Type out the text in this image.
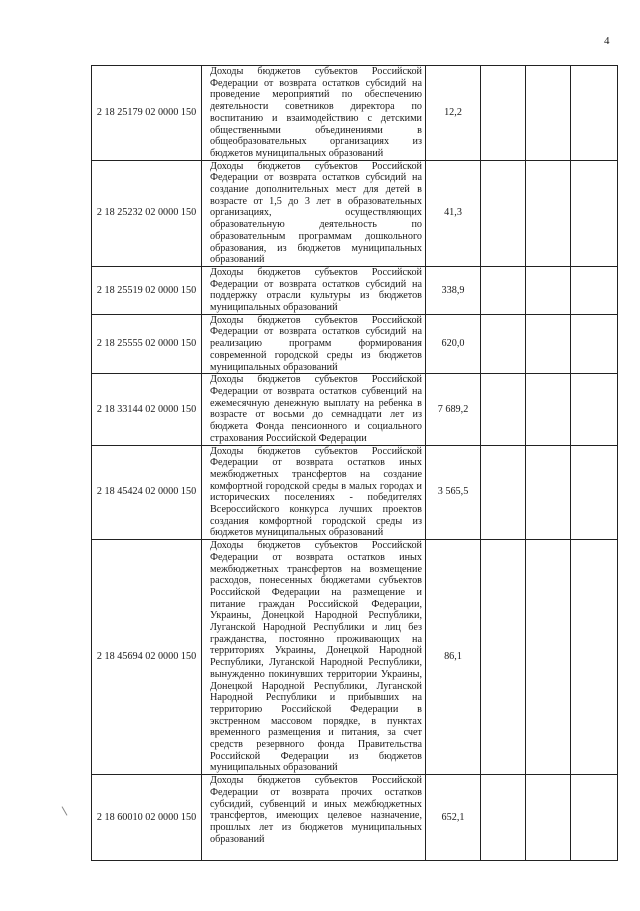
4
2 18 25179 02 0000 150	Доходы бюджетов субъектов Российской Федерации от возврата остатков субсидий на проведение мероприятий по обеспечению деятельности советников директора по воспитанию и взаимодействию с детскими общественными объединениями в общеобразовательных организациях из бюджетов муниципальных образований	12,2			
2 18 25232 02 0000 150	Доходы бюджетов субъектов Российской Федерации от возврата остатков субсидий на создание дополнительных мест для детей в возрасте от 1,5 до 3 лет в образовательных организациях, осуществляющих образовательную деятельность по образовательным программам дошкольного образования, из бюджетов муниципальных образований	41,3			
2 18 25519 02 0000 150	Доходы бюджетов субъектов Российской Федерации от возврата остатков субсидий на поддержку отрасли культуры из бюджетов муниципальных образований	338,9			
2 18 25555 02 0000 150	Доходы бюджетов субъектов Российской Федерации от возврата остатков субсидий на реализацию программ формирования современной городской среды из бюджетов муниципальных образований	620,0			
2 18 33144 02 0000 150	Доходы бюджетов субъектов Российской Федерации от возврата остатков субвенций на ежемесячную денежную выплату на ребенка в возрасте от восьми до семнадцати лет из бюджета Фонда пенсионного и социального страхования Российской Федерации	7 689,2			
2 18 45424 02 0000 150	Доходы бюджетов субъектов Российской Федерации от возврата остатков иных межбюджетных трансфертов на создание комфортной городской среды в малых городах и исторических поселениях - победителях Всероссийского конкурса лучших проектов создания комфортной городской среды из бюджетов муниципальных образований	3 565,5			
2 18 45694 02 0000 150	Доходы бюджетов субъектов Российской Федерации от возврата остатков иных межбюджетных трансфертов на возмещение расходов, понесенных бюджетами субъектов Российской Федерации на размещение и питание граждан Российской Федерации, Украины, Донецкой Народной Республики, Луганской Народной Республики и лиц без гражданства, постоянно проживающих на территориях Украины, Донецкой Народной Республики, Луганской Народной Республики, вынужденно покинувших территории Украины, Донецкой Народной Республики, Луганской Народной Республики и прибывших на территорию Российской Федерации в экстренном массовом порядке, в пунктах временного размещения и питания, за счет средств резервного фонда Правительства Российской Федерации из бюджетов муниципальных образований	86,1			
2 18 60010 02 0000 150	Доходы бюджетов субъектов Российской Федерации от возврата прочих остатков субсидий, субвенций и иных межбюджетных трансфертов, имеющих целевое назначение, прошлых лет из бюджетов муниципальных образований	652,1			
